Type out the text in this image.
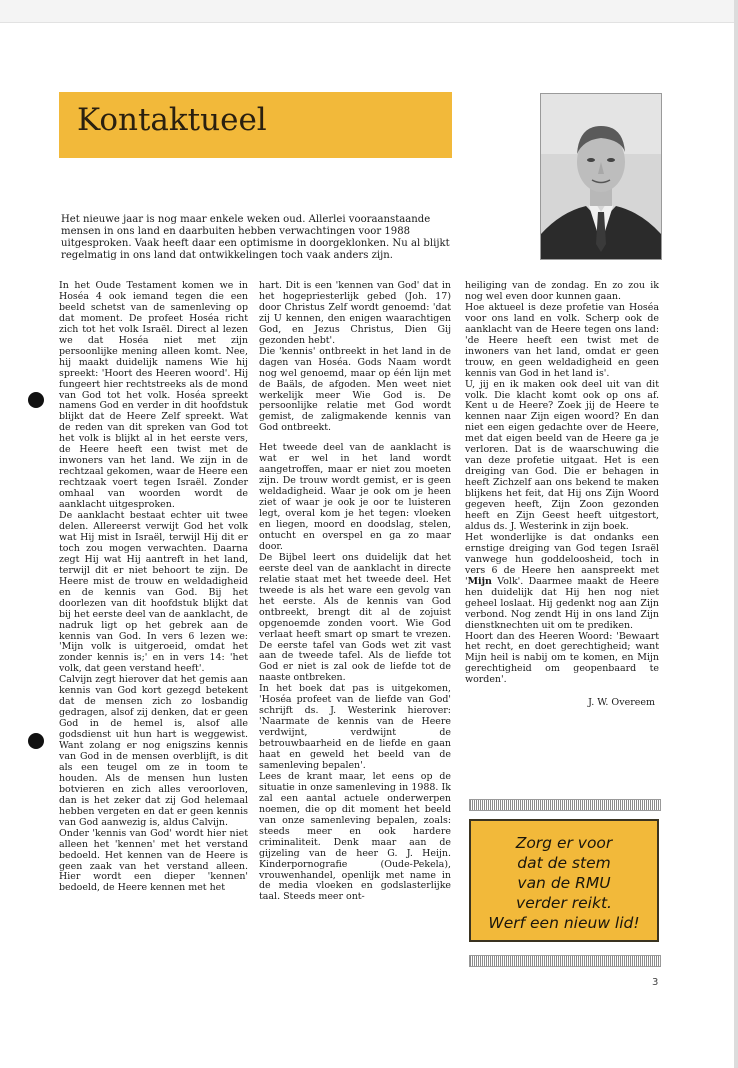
Kontaktueel
Het nieuwe jaar is nog maar enkele weken oud. Allerlei vooraanstaande mensen in ons land en daarbuiten hebben verwachtingen voor 1988 uitgesproken. Vaak heeft daar een optimisme in doorgeklonken. Nu al blijkt regelmatig in ons land dat ontwikkelingen toch vaak anders zijn.

In het Oude Testament komen we in Hoséa 4 ook iemand tegen die een beeld schetst van de samenleving op dat moment. De profeet Hoséa richt zich tot het volk Israël. Direct al lezen we dat Hoséa niet met zijn persoonlijke mening alleen komt. Nee, hij maakt duidelijk namens Wie hij spreekt: 'Hoort des Heeren woord'. Hij fungeert hier rechtstreeks als de mond van God tot het volk. Hoséa spreekt namens God en verder in dit hoofdstuk blijkt dat de Heere Zelf spreekt. Wat de reden van dit spreken van God tot het volk is blijkt al in het eerste vers, de Heere heeft een twist met de inwoners van het land. We zijn in de rechtzaal gekomen, waar de Heere een rechtzaak voert tegen Israël. Zonder omhaal van woorden wordt de aanklacht uitgesproken.

De aanklacht bestaat echter uit twee delen. Allereerst verwijt God het volk wat Hij mist in Israël, terwijl Hij dit er toch zou mogen verwachten. Daarna zegt Hij wat Hij aantreft in het land, terwijl dit er niet behoort te zijn. De Heere mist de trouw en weldadigheid en de kennis van God. Bij het doorlezen van dit hoofdstuk blijkt dat bij het eerste deel van de aanklacht, de nadruk ligt op het gebrek aan de kennis van God. In vers 6 lezen we: 'Mijn volk is uitgeroeid, omdat het zonder kennis is;' en in vers 14: 'het volk, dat geen verstand heeft'.

Calvijn zegt hierover dat het gemis aan kennis van God kort gezegd betekent dat de mensen zich zo losbandig gedragen, alsof zij denken, dat er geen God in de hemel is, alsof alle godsdienst uit hun hart is weggewist. Want zolang er nog enigszins kennis van God in de mensen overblijft, is dit als een teugel om ze in toom te houden. Als de mensen hun lusten botvieren en zich alles veroorloven, dan is het zeker dat zij God helemaal hebben vergeten en dat er geen kennis van God aanwezig is, aldus Calvijn.

Onder 'kennis van God' wordt hier niet alleen het 'kennen' met het verstand bedoeld. Het kennen van de Heere is geen zaak van het verstand alleen. Hier wordt een dieper 'kennen' bedoeld, de Heere kennen met het

hart. Dit is een 'kennen van God' dat in het hogepriesterlijk gebed (Joh. 17) door Christus Zelf wordt genoemd: 'dat zij U kennen, den enigen waarachtigen God, en Jezus Christus, Dien Gij gezonden hebt'.

Die 'kennis' ontbreekt in het land in de dagen van Hoséa. Gods Naam wordt nog wel genoemd, maar op één lijn met de Baäls, de afgoden. Men weet niet werkelijk meer Wie God is. De persoonlijke relatie met God wordt gemist, de zaligmakende kennis van God ontbreekt.

Het tweede deel van de aanklacht is wat er wel in het land wordt aangetroffen, maar er niet zou moeten zijn. De trouw wordt gemist, er is geen weldadigheid. Waar je ook om je heen ziet of waar je ook je oor te luisteren legt, overal kom je het tegen: vloeken en liegen, moord en doodslag, stelen, ontucht en overspel en ga zo maar door.

De Bijbel leert ons duidelijk dat het eerste deel van de aanklacht in directe relatie staat met het tweede deel. Het tweede is als het ware een gevolg van het eerste. Als de kennis van God ontbreekt, brengt dit al de zojuist opgenoemde zonden voort. Wie God verlaat heeft smart op smart te vrezen. De eerste tafel van Gods wet zit vast aan de tweede tafel. Als de liefde tot God er niet is zal ook de liefde tot de naaste ontbreken.

In het boek dat pas is uitgekomen, 'Hoséa profeet van de liefde van God' schrijft ds. J. Westerink hierover: 'Naarmate de kennis van de Heere verdwijnt, verdwijnt de betrouwbaarheid en de liefde en gaan haat en geweld het beeld van de samenleving bepalen'.

Lees de krant maar, let eens op de situatie in onze samenleving in 1988. Ik zal een aantal actuele onderwerpen noemen, die op dit moment het beeld van onze samenleving bepalen, zoals: steeds meer en ook hardere criminaliteit. Denk maar aan de gijzeling van de heer G. J. Heijn. Kinderpornografie (Oude-Pekela), vrouwenhandel, openlijk met name in de media vloeken en godslasterlijke taal. Steeds meer ont-

heiliging van de zondag. En zo zou ik nog wel even door kunnen gaan.

Hoe aktueel is deze profetie van Hoséa voor ons land en volk. Scherp ook de aanklacht van de Heere tegen ons land: 'de Heere heeft een twist met de inwoners van het land, omdat er geen trouw, en geen weldadigheid en geen kennis van God in het land is'.

U, jij en ik maken ook deel uit van dit volk. Die klacht komt ook op ons af. Kent u de Heere? Zoek jij de Heere te kennen naar Zijn eigen woord? En dan niet een eigen gedachte over de Heere, met dat eigen beeld van de Heere ga je verloren. Dat is de waarschuwing die van deze profetie uitgaat. Het is een dreiging van God. Die er behagen in heeft Zichzelf aan ons bekend te maken blijkens het feit, dat Hij ons Zijn Woord gegeven heeft, Zijn Zoon gezonden heeft en Zijn Geest heeft uitgestort, aldus ds. J. Westerink in zijn boek.

Het wonderlijke is dat ondanks een ernstige dreiging van God tegen Israël vanwege hun goddeloosheid, toch in vers 6 de Heere hen aanspreekt met 'Mijn Volk'. Daarmee maakt de Heere hen duidelijk dat Hij hen nog niet geheel loslaat. Hij gedenkt nog aan Zijn verbond. Nog zendt Hij in ons land Zijn dienstknechten uit om te prediken.

Hoort dan des Heeren Woord: 'Bewaart het recht, en doet gerechtigheid; want Mijn heil is nabij om te komen, en Mijn gerechtigheid om geopenbaard te worden'.

J. W. Overeem
Zorg er voor
dat de stem
van de RMU
verder reikt.
Werf een nieuw lid!
3
